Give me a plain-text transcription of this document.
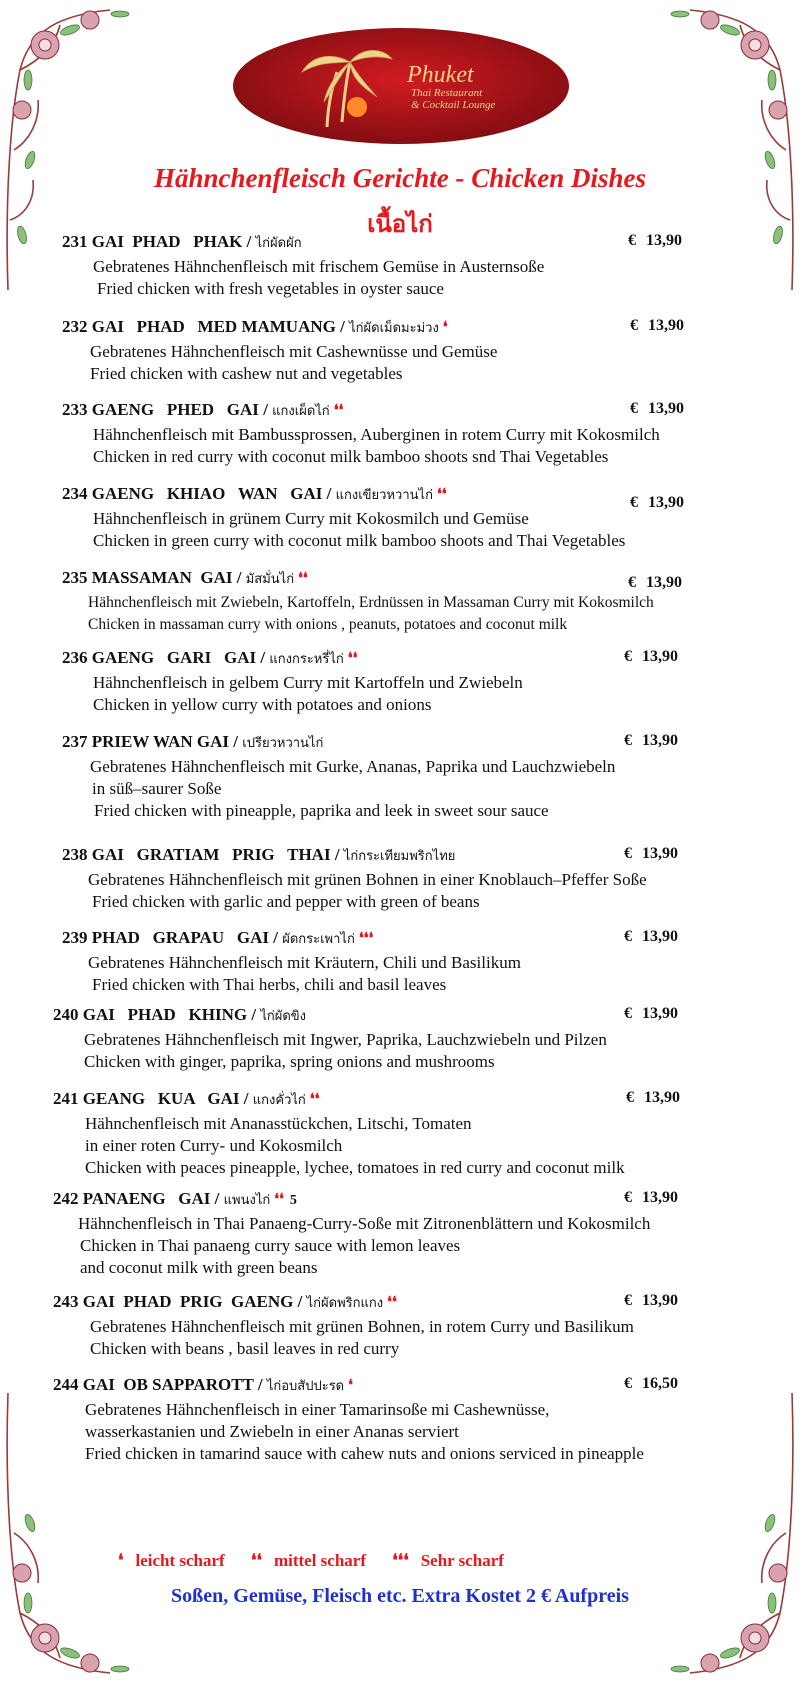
Phuket
Thai Restaurant
& Cocktail Lounge
Hähnchenfleisch Gerichte - Chicken Dishes
เนื้อไก่
231 GAI  PHAD   PHAK / ไก่ผัดผัก	€ 13,90
Gebratenes Hähnchenfleisch mit frischem Gemüse in Austernsoße
Fried chicken with fresh vegetables in oyster sauce
232 GAI   PHAD   MED MAMUANG / ไก่ผัดเม็ดมะม่วง ❛	€ 13,90
Gebratenes Hähnchenfleisch mit Cashewnüsse und Gemüse
Fried chicken with cashew nut and vegetables
233 GAENG   PHED   GAI / แกงเผ็ดไก่ ❛❛	€ 13,90
Hähnchenfleisch mit Bambussprossen, Auberginen in rotem Curry mit Kokosmilch
Chicken in red curry with coconut milk bamboo shoots snd Thai Vegetables
234 GAENG   KHIAO   WAN   GAI / แกงเขียวหวานไก่ ❛❛	€ 13,90
Hähnchenfleisch in grünem Curry mit Kokosmilch und Gemüse
Chicken in green curry with coconut milk bamboo shoots and Thai Vegetables
235 MASSAMAN  GAI / มัสมั่นไก่ ❛❛	€ 13,90
Hähnchenfleisch mit Zwiebeln, Kartoffeln, Erdnüssen in Massaman Curry mit Kokosmilch
Chicken in massaman curry with onions , peanuts, potatoes and coconut milk
236 GAENG   GARI   GAI / แกงกระหรี่ไก่ ❛❛	€ 13,90
Hähnchenfleisch in gelbem Curry mit Kartoffeln und Zwiebeln
Chicken in yellow curry with potatoes and onions
237 PRIEW WAN GAI / เปรียวหวานไก่	€ 13,90
Gebratenes Hähnchenfleisch mit Gurke, Ananas, Paprika und Lauchzwiebeln
in süß–saurer Soße
Fried chicken with pineapple, paprika and leek in sweet sour sauce
238 GAI   GRATIAM   PRIG   THAI / ไก่กระเทียมพริกไทย	€ 13,90
Gebratenes Hähnchenfleisch mit grünen Bohnen in einer Knoblauch–Pfeffer Soße
Fried chicken with garlic and pepper with green of beans
239 PHAD   GRAPAU   GAI / ผัดกระเพาไก่ ❛❛❛	€ 13,90
Gebratenes Hähnchenfleisch mit Kräutern, Chili und Basilikum
Fried chicken with Thai herbs, chili and basil leaves
240 GAI   PHAD   KHING / ไก่ผัดขิง	€ 13,90
Gebratenes Hähnchenfleisch mit Ingwer, Paprika, Lauchzwiebeln und Pilzen
Chicken with ginger, paprika, spring onions and mushrooms
241 GEANG   KUA   GAI / แกงคั่วไก่ ❛❛	€ 13,90
Hähnchenfleisch mit Ananasstückchen, Litschi, Tomaten
in einer roten Curry- und Kokosmilch
Chicken with peaces pineapple, lychee, tomatoes in red curry and coconut milk
242 PANAENG   GAI / แพนงไก่ ❛❛ 5	€ 13,90
Hähnchenfleisch in Thai Panaeng-Curry-Soße mit Zitronenblättern und Kokosmilch
Chicken in Thai panaeng curry sauce with lemon leaves
and coconut milk with green beans
243 GAI  PHAD  PRIG  GAENG / ไก่ผัดพริกแกง ❛❛	€ 13,90
Gebratenes Hähnchenfleisch mit grünen Bohnen, in rotem Curry und Basilikum
Chicken with beans , basil leaves in red curry
244 GAI  OB SAPPAROTT / ไก่อบสัปปะรด ❛	€ 16,50
Gebratenes Hähnchenfleisch in einer Tamarinsoße mi Cashewnüsse,
wasserkastanien und Zwiebeln in einer Ananas serviert
Fried chicken in tamarind sauce with cahew nuts and onions serviced in pineapple
❛ leicht scharf ❛❛ mittel scharf ❛❛❛ Sehr scharf
Soßen, Gemüse, Fleisch etc. Extra Kostet 2 € Aufpreis
